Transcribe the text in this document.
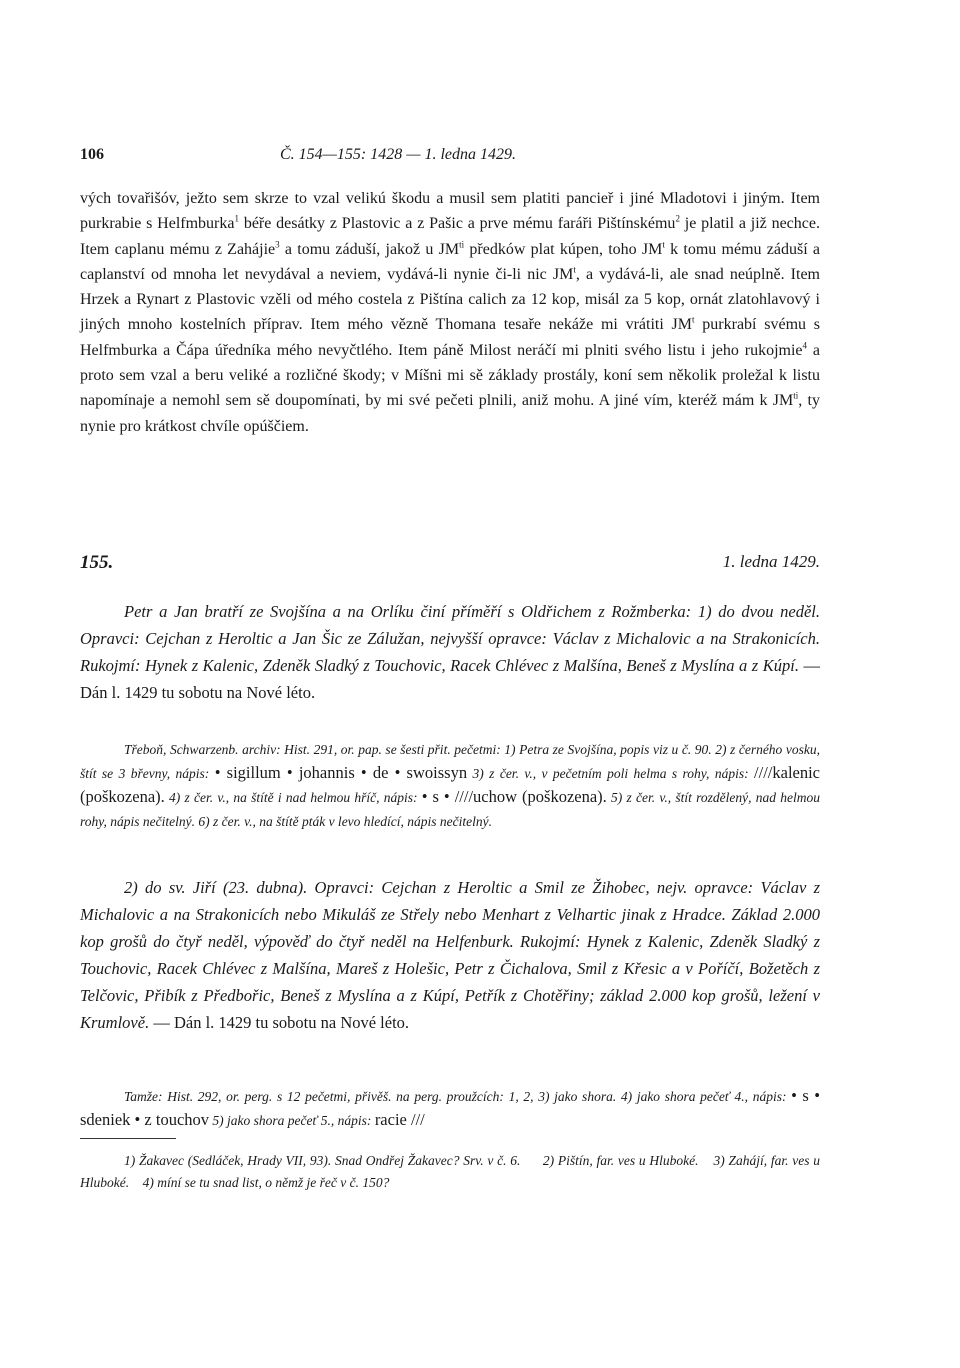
106	Č. 154—155: 1428 — 1. ledna 1429.

vých tovařišóv, ježto sem skrze to vzal velikú škodu a musil sem platiti pancieř i jiné Mladotovi i jiným. Item purkrabie s Helfmburka$^1$ béře desátky z Plastovic a z Pašic a prve mému faráři Pištínskému$^2$ je platil a již nechce. Item caplanu mému z Zahájie$^3$ a tomu záduší, jakož u $JM^{ti}$ předków plat kúpen, toho $JM^t$ k tomu mému záduší a caplanství od mnoha let nevydával a neviem, vydává-li nynie či-li nic $JM^t$, a vydává-li, ale snad neúplně. Item Hrzek a Rynart z Plastovic vzěli od mého costela z Pištína calich za 12 kop, misál za 5 kop, ornát zlatohlavový i jiných mnoho kostelních příprav. Item mého vězně Thomana tesaře nekáže mi vrátiti $JM^t$ purkrabí svému s Helfmburka a Čápa úředníka mého nevyčtlého. Item páně Milost neráčí mi plniti svého listu i jeho rukojmie$^4$ a proto sem vzal a beru veliké a rozličné škody; v Míšni mi sě základy prostály, koní sem několik proležal k listu napomínaje a nemohl sem sě doupomínati, by mi své pečeti plnili, aniž mohu. A jiné vím, kteréž mám k $JM^{ti}$, ty nynie pro krátkost chvíle opúščiem.

155.	1. ledna 1429.

Petr a Jan bratří ze Svojšína a na Orlíku činí příměří s Oldřichem z Rožmberka: 1) do dvou neděl. Opravci: Cejchan z Heroltic a Jan Šic ze Zálužan, nejvyšší opravce: Václav z Michalovic a na Strakonicích. Rukojmí: Hynek z Kalenic, Zdeněk Sladký z Touchovic, Racek Chlévec z Malšína, Beneš z Myslína a z Kúpí. — Dán l. 1429 tu sobotu na Nové léto.

Třeboň, Schwarzenb. archiv: Hist. 291, or. pap. se šesti přit. pečetmi: 1) Petra ze Svojšína, popis viz u č. 90. 2) z černého vosku, štít se 3 břevny, nápis: • sigillum • johannis • de • swoissyn 3) z čer. v., v pečetním poli helma s rohy, nápis: ////kalenic (poškozena). 4) z čer. v., na štítě i nad helmou hříč, nápis: • s • ////uchow (poškozena). 5) z čer. v., štít rozdělený, nad helmou rohy, nápis nečitelný. 6) z čer. v., na štítě pták v levo hledící, nápis nečitelný.

2) do sv. Jiří (23. dubna). Opravci: Cejchan z Heroltic a Smil ze Žihobec, nejv. opravce: Václav z Michalovic a na Strakonicích nebo Mikuláš ze Střely nebo Menhart z Velhartic jinak z Hradce. Základ 2.000 kop grošů do čtyř neděl, výpověď do čtyř neděl na Helfenburk. Rukojmí: Hynek z Kalenic, Zdeněk Sladký z Touchovic, Racek Chlévec z Malšína, Mareš z Holešic, Petr z Čichalova, Smil z Křesic a v Poříčí, Božetěch z Telčovic, Přibík z Předbořic, Beneš z Myslína a z Kúpí, Petřík z Chotěřiny; základ 2.000 kop grošů, ležení v Krumlově. — Dán l. 1429 tu sobotu na Nové léto.

Tamže: Hist. 292, or. perg. s 12 pečetmi, přivěš. na perg. proužcích: 1, 2, 3) jako shora. 4) jako shora pečeť 4., nápis: • s • sdeniek • z touchov 5) jako shora pečeť 5., nápis: racie ///

1) Žakavec (Sedláček, Hrady VII, 93). Snad Ondřej Žakavec? Srv. v č. 6. 2) Pištín, far. ves u Hluboké. 3) Zahájí, far. ves u Hluboké. 4) míní se tu snad list, o němž je řeč v č. 150?
